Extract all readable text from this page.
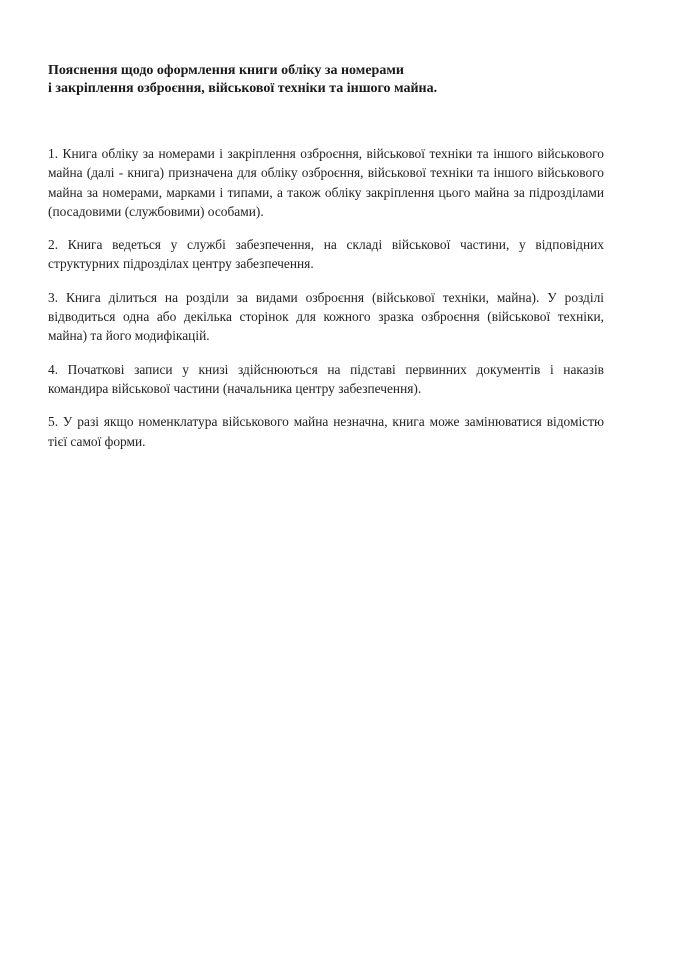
Пояснення щодо оформлення книги обліку за номерами
і закріплення озброєння, військової техніки та іншого майна.
1. Книга обліку за номерами і закріплення озброєння, військової техніки та іншого військового
майна (далі - книга) призначена для обліку озброєння, військової техніки та іншого військового
майна за номерами, марками і типами, а також обліку закріплення цього майна за підрозділами
(посадовими (службовими) особами).
2. Книга ведеться у службі забезпечення, на складі військової частини, у відповідних
структурних підрозділах центру забезпечення.
3. Книга ділиться на розділи за видами озброєння (військової техніки, майна). У розділі
відводиться одна або декілька сторінок для кожного зразка озброєння (військової техніки,
майна) та його модифікацій.
4. Початкові записи у книзі здійснюються на підставі первинних документів і наказів
командира військової частини (начальника центру забезпечення).
5. У разі якщо номенклатура військового майна незначна, книга може замінюватися відомістю
тієї самої форми.
